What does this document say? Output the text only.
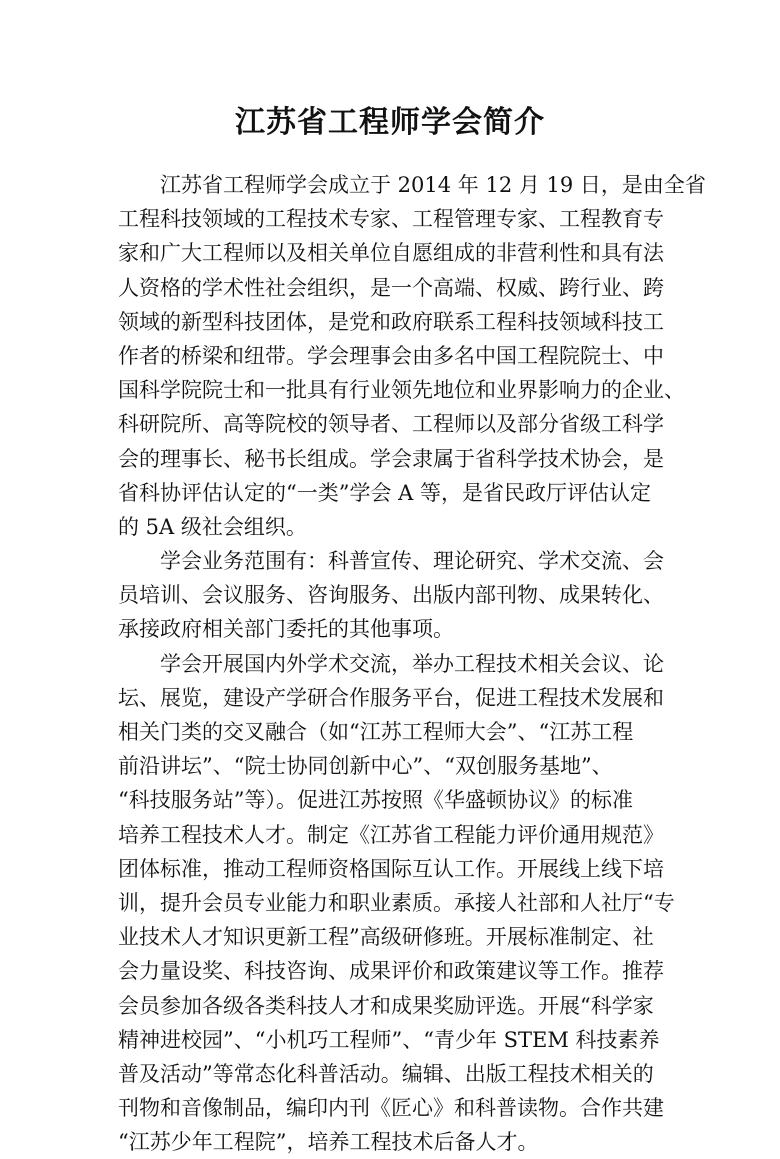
江苏省工程师学会简介

江苏省工程师学会成立于 2014 年 12 月 19 日，是由全省
工程科技领域的工程技术专家、工程管理专家、工程教育专
家和广大工程师以及相关单位自愿组成的非营利性和具有法
人资格的学术性社会组织，是一个高端、权威、跨行业、跨
领域的新型科技团体，是党和政府联系工程科技领域科技工
作者的桥梁和纽带。学会理事会由多名中国工程院院士、中
国科学院院士和一批具有行业领先地位和业界影响力的企业、
科研院所、高等院校的领导者、工程师以及部分省级工科学
会的理事长、秘书长组成。学会隶属于省科学技术协会，是
省科协评估认定的“一类”学会 A 等，是省民政厅评估认定
的 5A 级社会组织。

学会业务范围有：科普宣传、理论研究、学术交流、会
员培训、会议服务、咨询服务、出版内部刊物、成果转化、
承接政府相关部门委托的其他事项。

学会开展国内外学术交流，举办工程技术相关会议、论
坛、展览，建设产学研合作服务平台，促进工程技术发展和
相关门类的交叉融合（如“江苏工程师大会”、“江苏工程
前沿讲坛”、“院士协同创新中心”、“双创服务基地”、
“科技服务站”等）。促进江苏按照《华盛顿协议》的标准
培养工程技术人才。制定《江苏省工程能力评价通用规范》
团体标准，推动工程师资格国际互认工作。开展线上线下培
训，提升会员专业能力和职业素质。承接人社部和人社厅“专
业技术人才知识更新工程”高级研修班。开展标准制定、社
会力量设奖、科技咨询、成果评价和政策建议等工作。推荐
会员参加各级各类科技人才和成果奖励评选。开展“科学家
精神进校园”、“小机巧工程师”、“青少年 STEM 科技素养
普及活动”等常态化科普活动。编辑、出版工程技术相关的
刊物和音像制品，编印内刊《匠心》和科普读物。合作共建
“江苏少年工程院”，培养工程技术后备人才。
